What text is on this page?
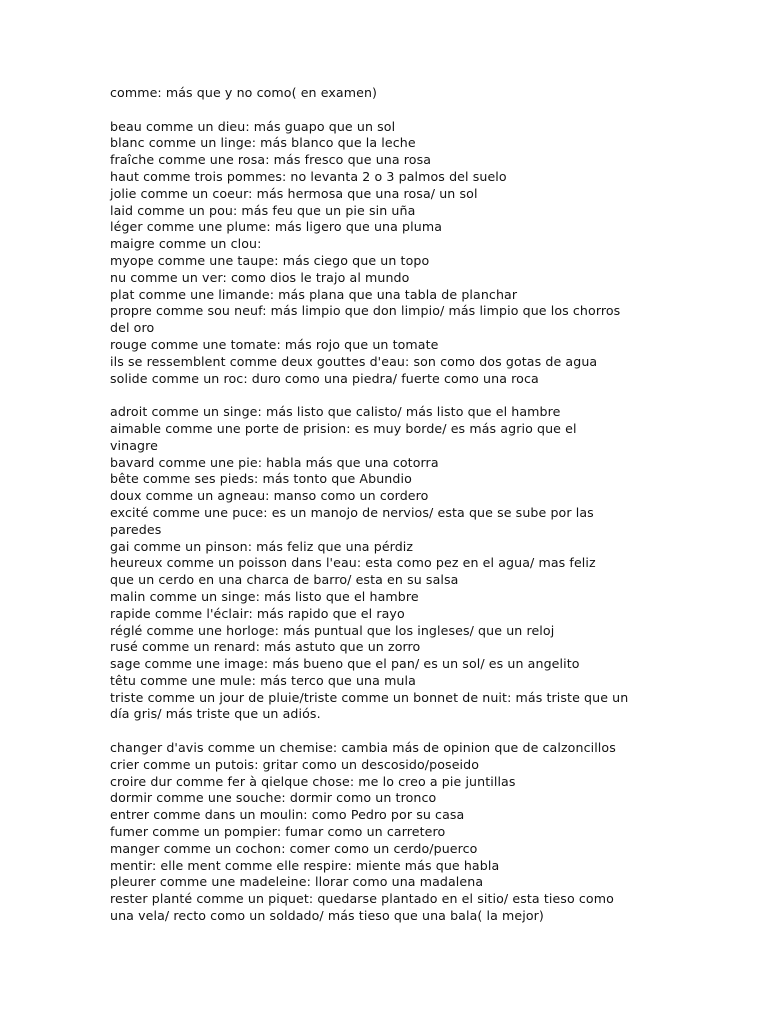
comme: más que y no como( en examen)
beau comme un dieu: más guapo que un sol
blanc comme un linge: más blanco que la leche
fraîche comme une rosa: más fresco que una rosa
haut comme trois pommes: no levanta 2 o 3 palmos del suelo
jolie comme un coeur: más hermosa que una rosa/ un sol
laid comme un pou: más feu que un pie sin uña
léger comme une plume: más ligero que una pluma
maigre comme un clou:
myope comme une taupe: más ciego que un topo
nu comme un ver: como dios le trajo al mundo
plat comme une limande: más plana que una tabla de planchar
propre comme sou neuf: más limpio que don limpio/ más limpio que los chorros
del oro
rouge comme une tomate: más rojo que un tomate
ils se ressemblent comme deux gouttes d'eau: son como dos gotas de agua
solide comme un roc: duro como una piedra/ fuerte como una roca
adroit comme un singe: más listo que calisto/ más listo que el hambre
aimable comme une porte de prision: es muy borde/ es más agrio que el
vinagre
bavard comme une pie: habla más que una cotorra
bête comme ses pieds: más tonto que Abundio
doux comme un agneau: manso como un cordero
excité comme une puce: es un manojo de nervios/ esta que se sube por las
paredes
gai comme un pinson: más feliz que una pérdiz
heureux comme un poisson dans l'eau: esta como pez en el agua/ mas feliz
que un cerdo en una charca de barro/ esta en su salsa
malin comme un singe: más listo que el hambre
rapide comme l'éclair: más rapido que el rayo
réglé comme une horloge: más puntual que los ingleses/ que un reloj
rusé comme un renard: más astuto que un zorro
sage comme une image: más bueno que el pan/ es un sol/ es un angelito
têtu comme une mule: más terco que una mula
triste comme un jour de pluie/triste comme un bonnet de nuit: más triste que un
día gris/ más triste que un adiós.
changer d'avis comme un chemise: cambia más de opinion que de calzoncillos
crier comme un putois: gritar como un descosido/poseido
croire dur comme fer à qielque chose: me lo creo a pie juntillas
dormir comme une souche: dormir como un tronco
entrer comme dans un moulin: como Pedro por su casa
fumer comme un pompier: fumar como un carretero
manger comme un cochon: comer como un cerdo/puerco
mentir: elle ment comme elle respire: miente más que habla
pleurer comme une madeleine: llorar como una madalena
rester planté comme un piquet: quedarse plantado en el sitio/ esta tieso como
una vela/ recto como un soldado/ más tieso que una bala( la mejor)
